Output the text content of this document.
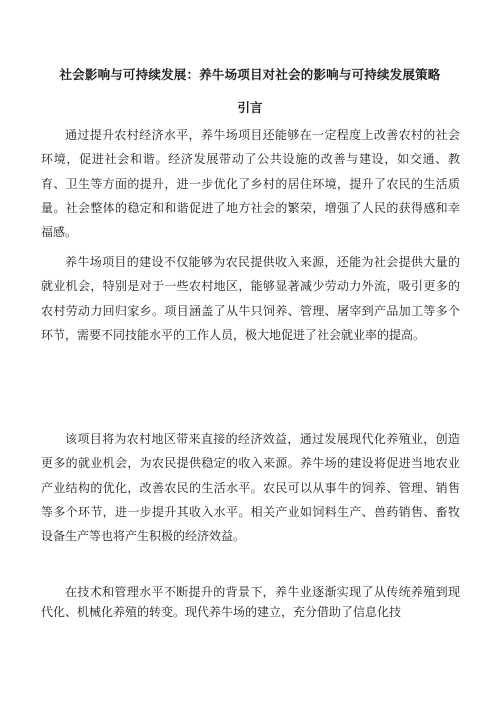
社会影响与可持续发展：养牛场项目对社会的影响与可持续发展策略
引言

通过提升农村经济水平，养牛场项目还能够在一定程度上改善农村的社会环境，促进社会和谐。经济发展带动了公共设施的改善与建设，如交通、教育、卫生等方面的提升，进一步优化了乡村的居住环境，提升了农民的生活质量。社会整体的稳定和和谐促进了地方社会的繁荣，增强了人民的获得感和幸福感。

养牛场项目的建设不仅能够为农民提供收入来源，还能为社会提供大量的就业机会，特别是对于一些农村地区，能够显著减少劳动力外流，吸引更多的农村劳动力回归家乡。项目涵盖了从牛只饲养、管理、屠宰到产品加工等多个环节，需要不同技能水平的工作人员，极大地促进了社会就业率的提高。

该项目将为农村地区带来直接的经济效益，通过发展现代化养殖业，创造更多的就业机会，为农民提供稳定的收入来源。养牛场的建设将促进当地农业产业结构的优化，改善农民的生活水平。农民可以从事牛的饲养、管理、销售等多个环节，进一步提升其收入水平。相关产业如饲料生产、兽药销售、畜牧设备生产等也将产生积极的经济效益。

在技术和管理水平不断提升的背景下，养牛业逐渐实现了从传统养殖到现代化、机械化养殖的转变。现代养牛场的建立，充分借助了信息化技
